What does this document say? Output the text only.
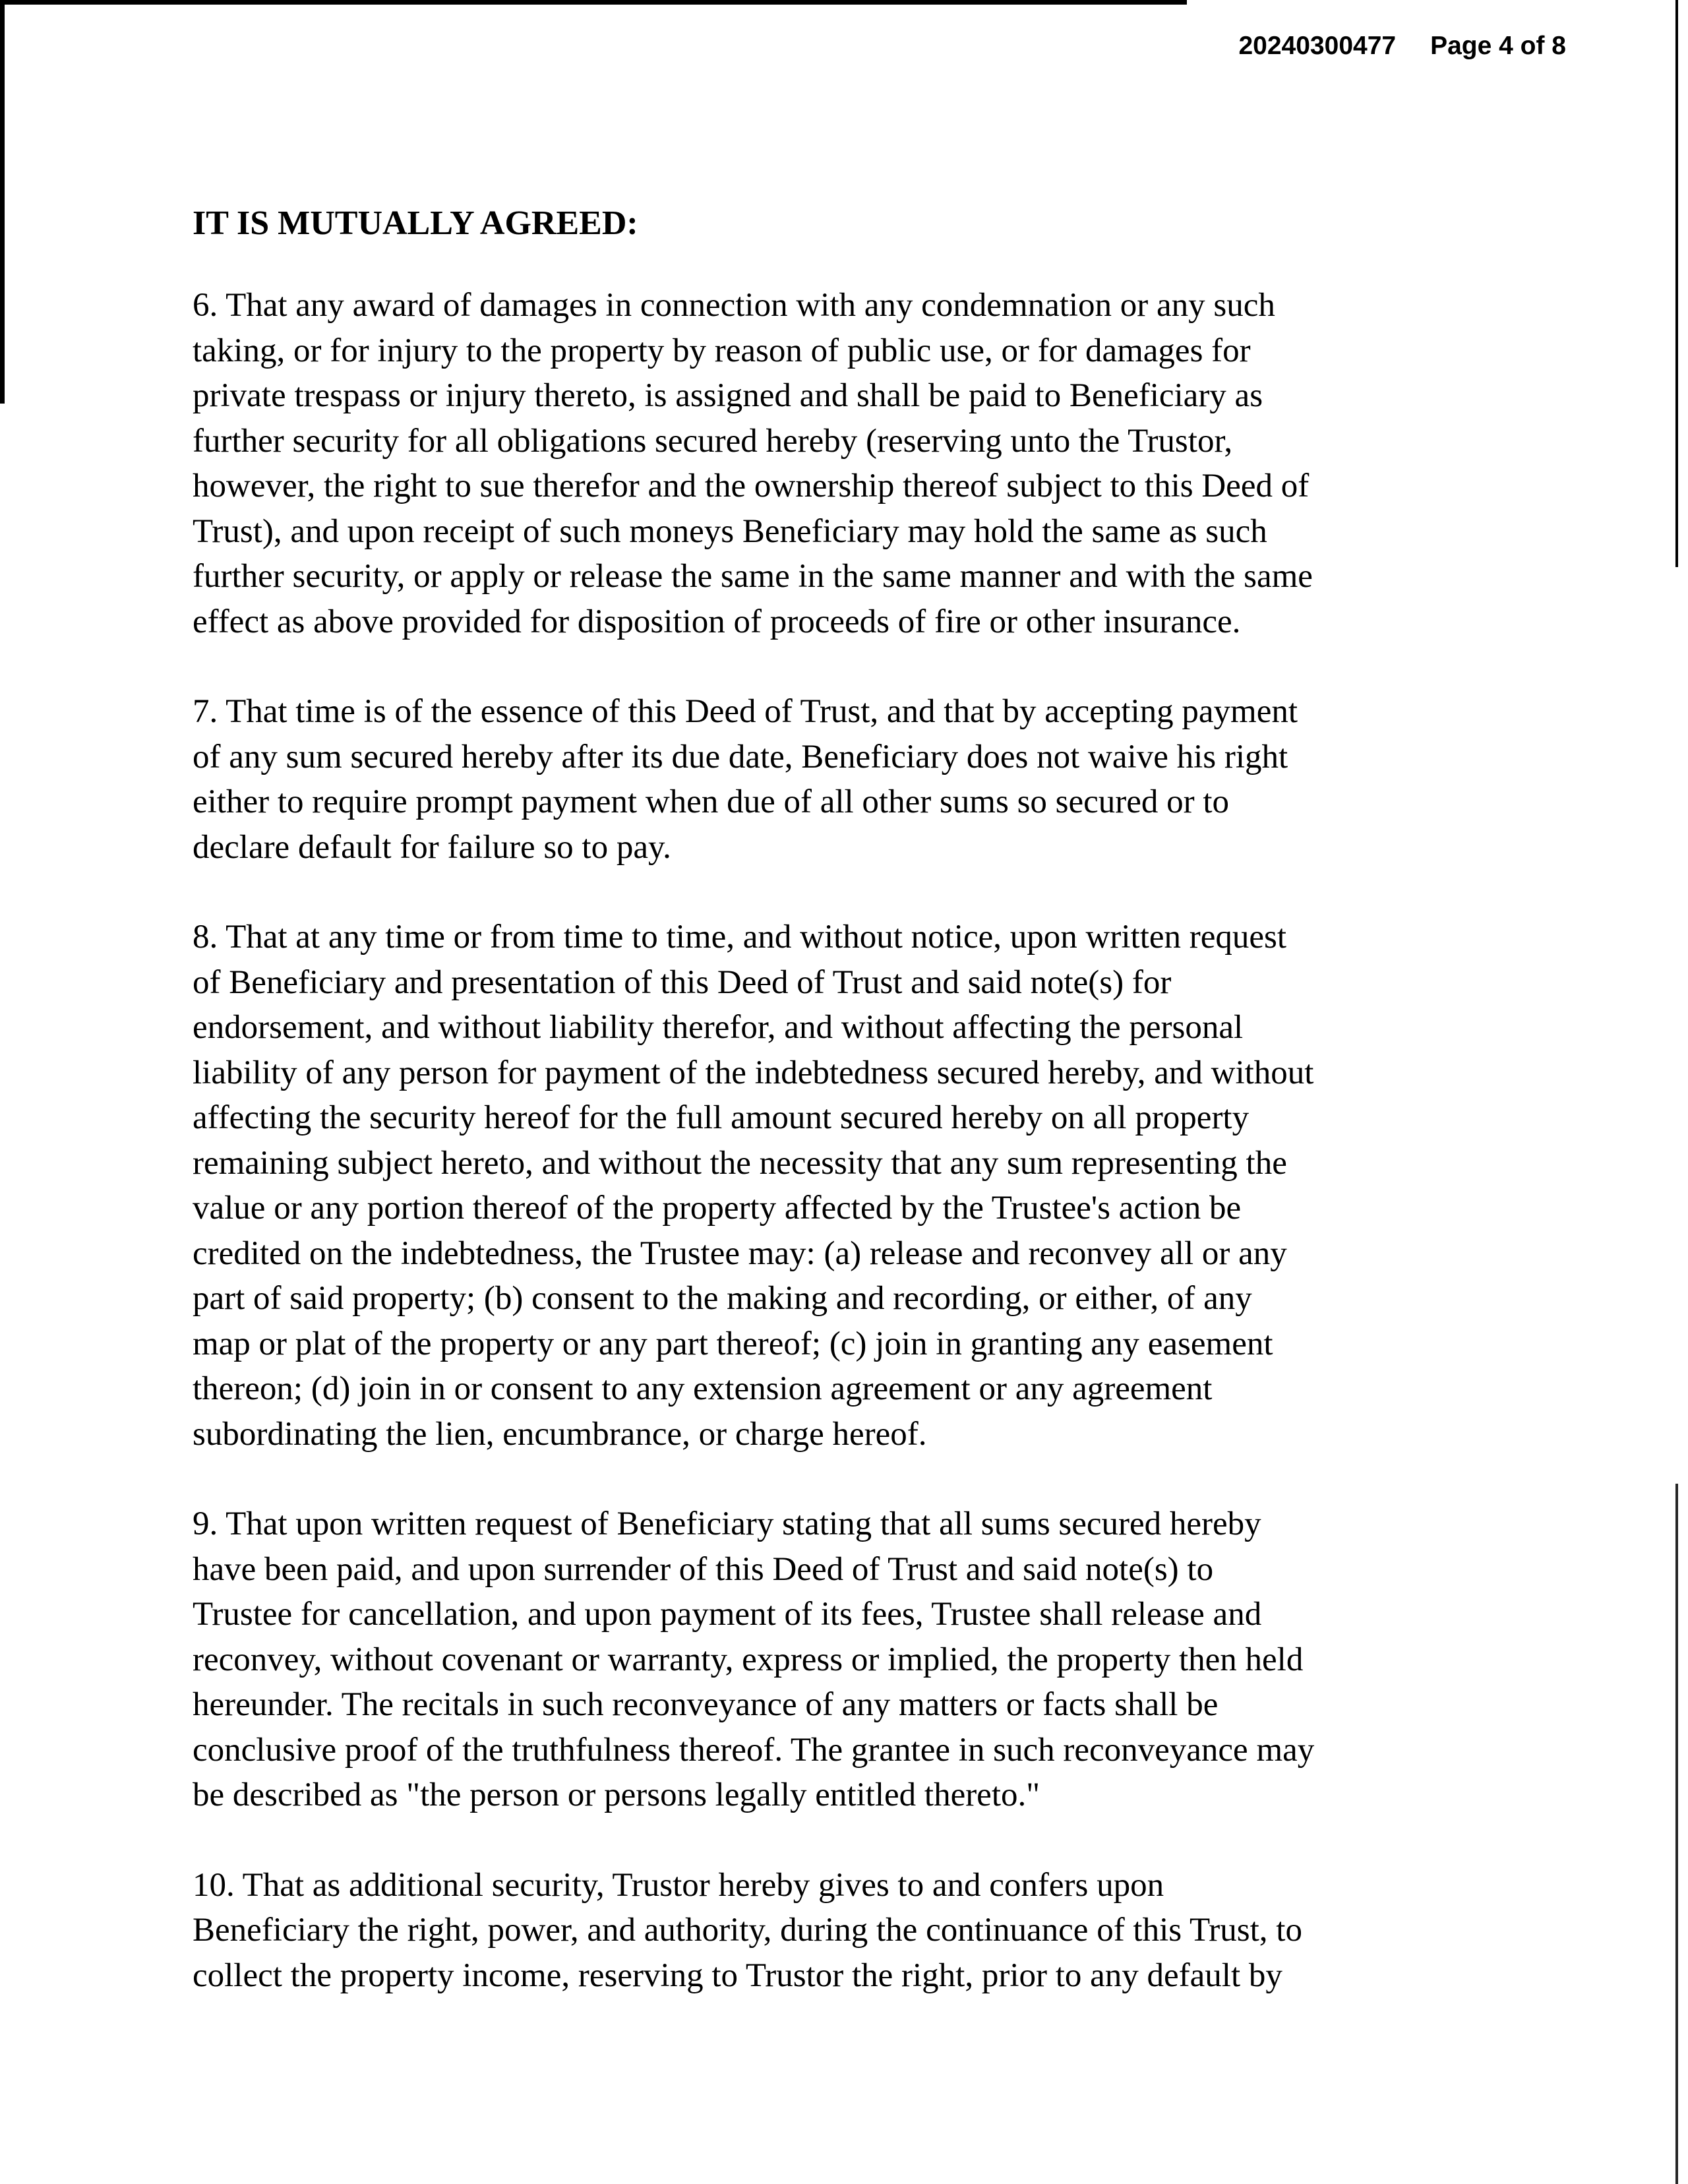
20240300477 Page 4 of 8
IT IS MUTUALLY AGREED:
6. That any award of damages in connection with any condemnation or any such
taking, or for injury to the property by reason of public use, or for damages for
private trespass or injury thereto, is assigned and shall be paid to Beneficiary as
further security for all obligations secured hereby (reserving unto the Trustor,
however, the right to sue therefor and the ownership thereof subject to this Deed of
Trust), and upon receipt of such moneys Beneficiary may hold the same as such
further security, or apply or release the same in the same manner and with the same
effect as above provided for disposition of proceeds of fire or other insurance.
7. That time is of the essence of this Deed of Trust, and that by accepting payment
of any sum secured hereby after its due date, Beneficiary does not waive his right
either to require prompt payment when due of all other sums so secured or to
declare default for failure so to pay.
8. That at any time or from time to time, and without notice, upon written request
of Beneficiary and presentation of this Deed of Trust and said note(s) for
endorsement, and without liability therefor, and without affecting the personal
liability of any person for payment of the indebtedness secured hereby, and without
affecting the security hereof for the full amount secured hereby on all property
remaining subject hereto, and without the necessity that any sum representing the
value or any portion thereof of the property affected by the Trustee's action be
credited on the indebtedness, the Trustee may: (a) release and reconvey all or any
part of said property; (b) consent to the making and recording, or either, of any
map or plat of the property or any part thereof; (c) join in granting any easement
thereon; (d) join in or consent to any extension agreement or any agreement
subordinating the lien, encumbrance, or charge hereof.
9. That upon written request of Beneficiary stating that all sums secured hereby
have been paid, and upon surrender of this Deed of Trust and said note(s) to
Trustee for cancellation, and upon payment of its fees, Trustee shall release and
reconvey, without covenant or warranty, express or implied, the property then held
hereunder. The recitals in such reconveyance of any matters or facts shall be
conclusive proof of the truthfulness thereof. The grantee in such reconveyance may
be described as "the person or persons legally entitled thereto."
10. That as additional security, Trustor hereby gives to and confers upon
Beneficiary the right, power, and authority, during the continuance of this Trust, to
collect the property income, reserving to Trustor the right, prior to any default by
